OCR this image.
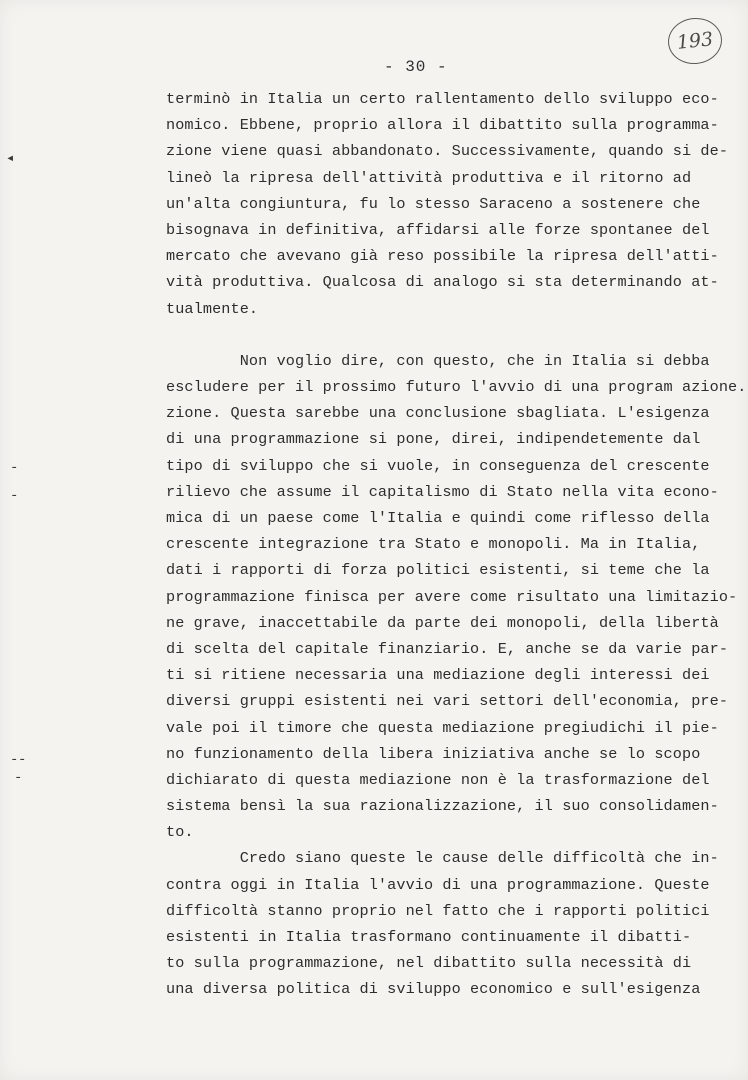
- 30 -
193
◂
-
-
- -
-
terminò in Italia un certo rallentamento dello sviluppo eco-
nomico. Ebbene, proprio allora il dibattito sulla programma-
zione viene quasi abbandonato. Successivamente, quando si de-
lineò la ripresa dell'attività produttiva e il ritorno ad
un'alta congiuntura, fu lo stesso Saraceno a sostenere che
bisognava in definitiva, affidarsi alle forze spontanee del
mercato che avevano già reso possibile la ripresa dell'atti-
vità produttiva. Qualcosa di analogo si sta determinando at-
tualmente.
Non voglio dire, con questo, che in Italia si debba
escludere per il prossimo futuro l'avvio di una program azione.
zione. Questa sarebbe una conclusione sbagliata. L'esigenza
di una programmazione si pone, direi, indipendetemente dal
tipo di sviluppo che si vuole, in conseguenza del crescente
rilievo che assume il capitalismo di Stato nella vita econo-
mica di un paese come l'Italia e quindi come riflesso della
crescente integrazione tra Stato e monopoli. Ma in Italia,
dati i rapporti di forza politici esistenti, si teme che la
programmazione finisca per avere come risultato una limitazio-
ne grave, inaccettabile da parte dei monopoli, della libertà
di scelta del capitale finanziario. E, anche se da varie par-
ti si ritiene necessaria una mediazione degli interessi dei
diversi gruppi esistenti nei vari settori dell'economia, pre-
vale poi il timore che questa mediazione pregiudichi il pie-
no funzionamento della libera iniziativa anche se lo scopo
dichiarato di questa mediazione non è la trasformazione del
sistema bensì la sua razionalizzazione, il suo consolidamen-
to.
Credo siano queste le cause delle difficoltà che in-
contra oggi in Italia l'avvio di una programmazione. Queste
difficoltà stanno proprio nel fatto che i rapporti politici
esistenti in Italia trasformano continuamente il dibatti-
to sulla programmazione, nel dibattito sulla necessità di
una diversa politica di sviluppo economico e sull'esigenza
